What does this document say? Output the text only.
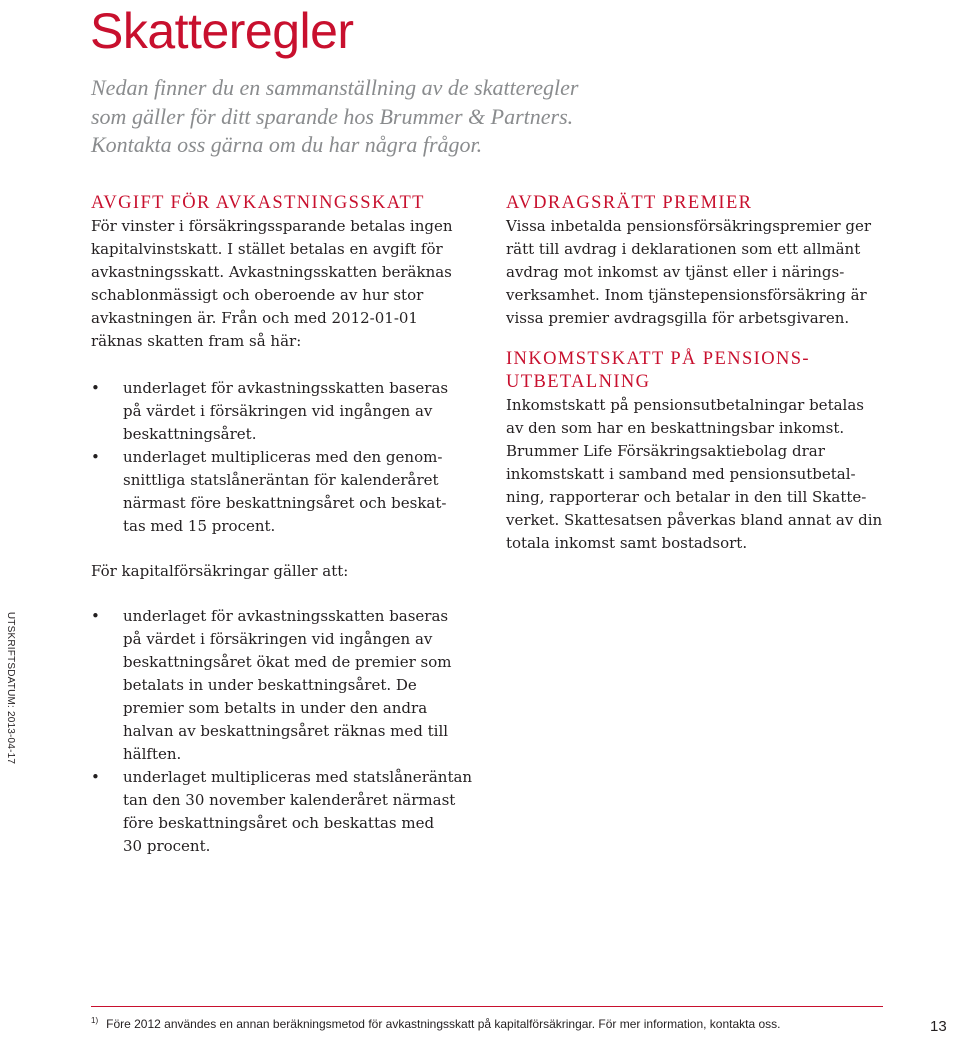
Skatteregler
Nedan finner du en sammanställning av de skatteregler
som gäller för ditt sparande hos Brummer & Partners.
Kontakta oss gärna om du har några frågor.
AVGIFT FÖR AVKASTNINGSSKATT
För vinster i försäkringssparande betalas ingen
kapitalvinstskatt. I stället betalas en avgift för
avkastningsskatt. Avkastningsskatten beräknas
schablonmässigt och oberoende av hur stor
avkastningen är. Från och med 2012-01-01
räknas skatten fram så här:
• underlaget för avkastningsskatten baseras
på värdet i försäkringen vid ingången av
beskattningsåret.
• underlaget multipliceras med den genom-
snittliga statslåneräntan för kalenderåret
närmast före beskattningsåret och beskat-
tas med 15 procent.
För kapitalförsäkringar gäller att:
• underlaget för avkastningsskatten baseras
på värdet i försäkringen vid ingången av
beskattningsåret ökat med de premier som
betalats in under beskattningsåret. De
premier som betalts in under den andra
halvan av beskattningsåret räknas med till
hälften.
• underlaget multipliceras med statslåneräntan
tan den 30 november kalenderåret närmast
före beskattningsåret och beskattas med
30 procent.
AVDRAGSRÄTT PREMIER
Vissa inbetalda pensionsförsäkringspremier ger
rätt till avdrag i deklarationen som ett allmänt
avdrag mot inkomst av tjänst eller i närings-
verksamhet. Inom tjänstepensionsförsäkring är
vissa premier avdragsgilla för arbetsgivaren.
INKOMSTSKATT PÅ PENSIONS-
UTBETALNING
Inkomstskatt på pensionsutbetalningar betalas
av den som har en beskattningsbar inkomst.
Brummer Life Försäkringsaktiebolag drar
inkomstskatt i samband med pensionsutbetal-
ning, rapporterar och betalar in den till Skatte-
verket. Skattesatsen påverkas bland annat av din
totala inkomst samt bostadsort.
UTSKRIFTSDATUM: 2013-04-17
$^{1)}$ Före 2012 användes en annan beräkningsmetod för avkastningsskatt på kapitalförsäkringar. För mer information, kontakta oss.	13
